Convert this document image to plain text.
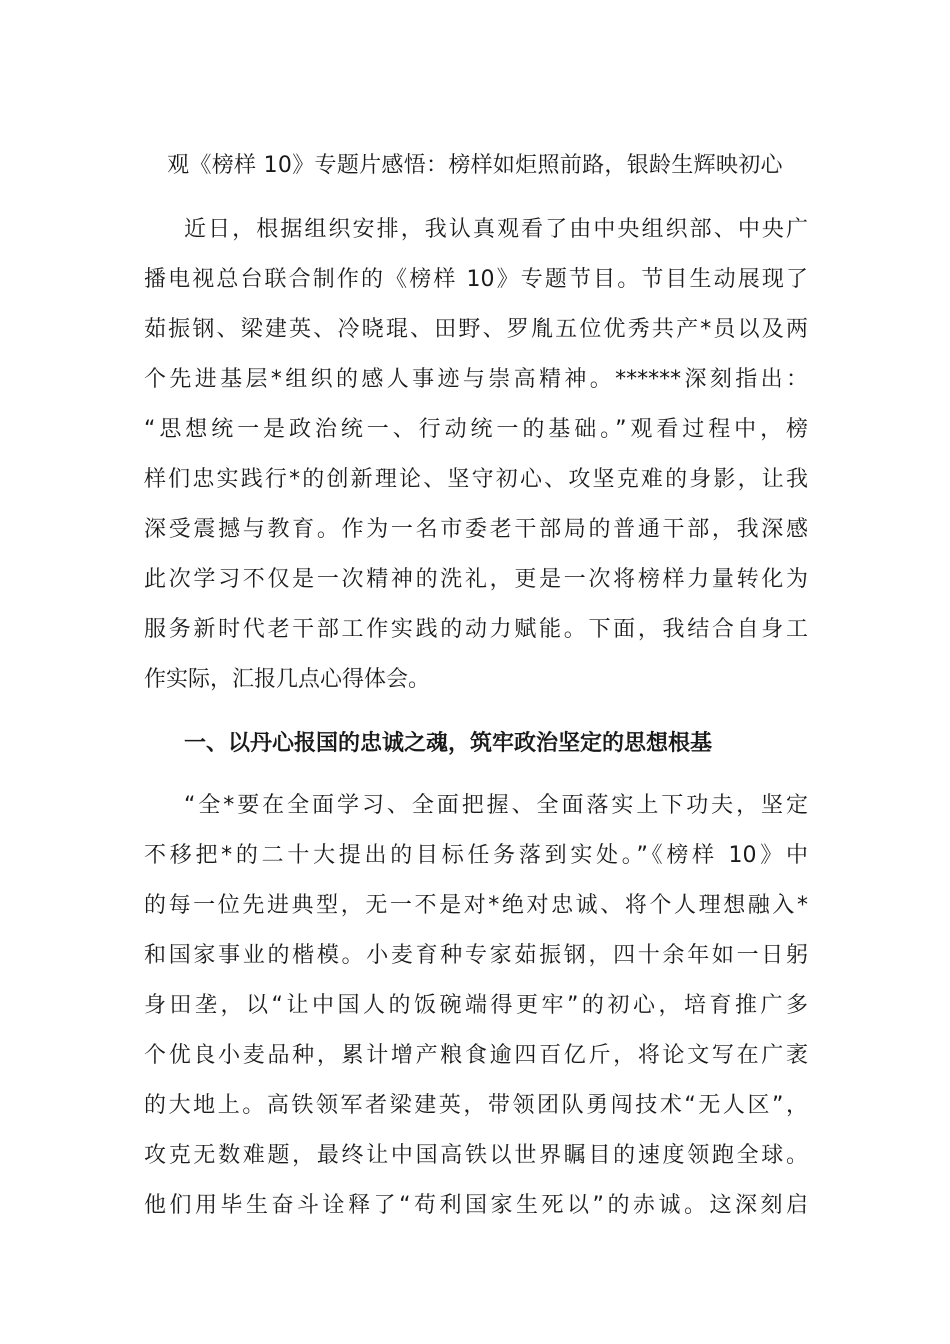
观《榜样 10》专题片感悟：榜样如炬照前路，银龄生辉映初心
近日，根据组织安排，我认真观看了由中央组织部、中央广
播电视总台联合制作的《榜样 10》专题节目。节目生动展现了
茹振钢、梁建英、冷晓琨、田野、罗胤五位优秀共产*员以及两
个先进基层*组织的感人事迹与崇高精神。******深刻指出：
“思想统一是政治统一、行动统一的基础。”观看过程中，榜
样们忠实践行*的创新理论、坚守初心、攻坚克难的身影，让我
深受震撼与教育。作为一名市委老干部局的普通干部，我深感
此次学习不仅是一次精神的洗礼，更是一次将榜样力量转化为
服务新时代老干部工作实践的动力赋能。下面，我结合自身工
作实际，汇报几点心得体会。
一、以丹心报国的忠诚之魂，筑牢政治坚定的思想根基
“全*要在全面学习、全面把握、全面落实上下功夫，坚定
不移把*的二十大提出的目标任务落到实处。”《榜样 10》中
的每一位先进典型，无一不是对*绝对忠诚、将个人理想融入*
和国家事业的楷模。小麦育种专家茹振钢，四十余年如一日躬
身田垄，以“让中国人的饭碗端得更牢”的初心，培育推广多
个优良小麦品种，累计增产粮食逾四百亿斤，将论文写在广袤
的大地上。高铁领军者梁建英，带领团队勇闯技术“无人区”，
攻克无数难题，最终让中国高铁以世界瞩目的速度领跑全球。
他们用毕生奋斗诠释了“苟利国家生死以”的赤诚。这深刻启
